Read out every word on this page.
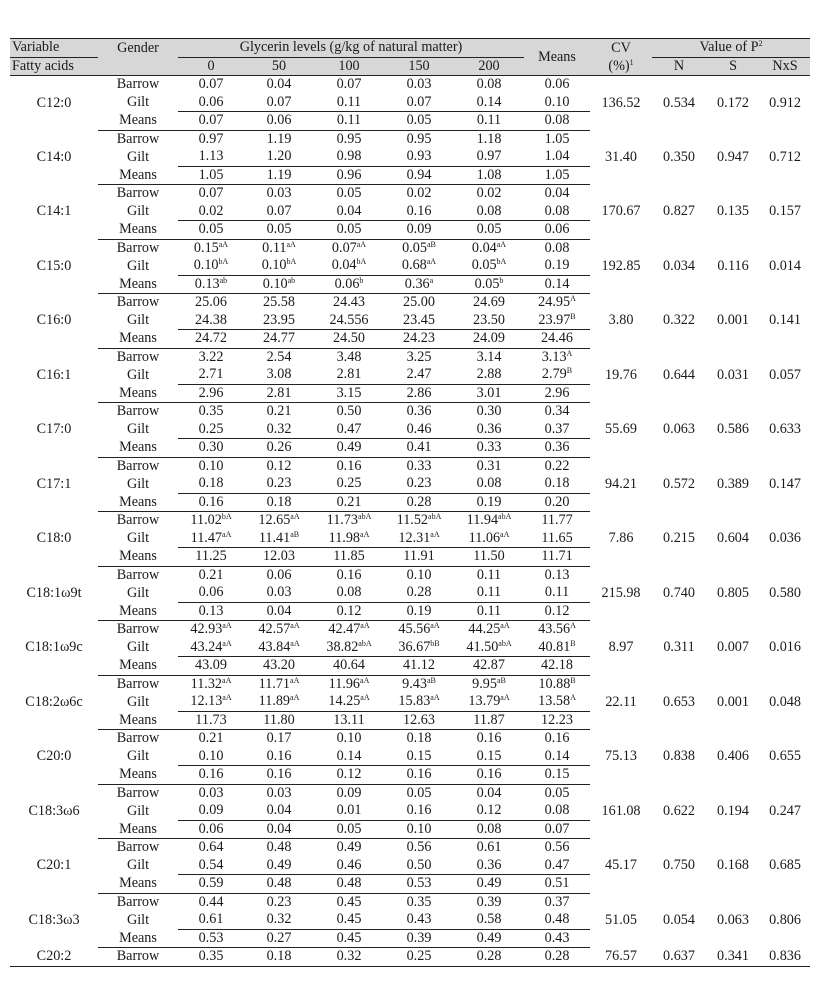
Variable	Gender	Glycerin levels (g/kg of natural matter)					Means	CV	Value of $P^2$
Fatty acids		0	50	100	150	200		(%)$^1$	N	S	NxS
C12:0	Barrow	0.07	0.04	0.07	0.03	0.08	0.06	136.52	0.534	0.172	0.912
	Gilt	0.06	0.07	0.11	0.07	0.14	0.10				
	Means	0.07	0.06	0.11	0.05	0.11	0.08				
C14:0	Barrow	0.97	1.19	0.95	0.95	1.18	1.05	31.40	0.350	0.947	0.712
	Gilt	1.13	1.20	0.98	0.93	0.97	1.04				
	Means	1.05	1.19	0.96	0.94	1.08	1.05				
C14:1	Barrow	0.07	0.03	0.05	0.02	0.02	0.04	170.67	0.827	0.135	0.157
	Gilt	0.02	0.07	0.04	0.16	0.08	0.08				
	Means	0.05	0.05	0.05	0.09	0.05	0.06				
C15:0	Barrow	$0.15^{aA}$	$0.11^{aA}$	$0.07^{aA}$	$0.05^{aB}$	$0.04^{aA}$	0.08	192.85	0.034	0.116	0.014
	Gilt	$0.10^{bA}$	$0.10^{bA}$	$0.04^{bA}$	$0.68^{aA}$	$0.05^{bA}$	0.19				
	Means	0.13$^{ab}$	0.10$^{ab}$	0.06$^b$	0.36$^a$	0.05$^b$	0.14				
C16:0	Barrow	25.06	25.58	24.43	25.00	24.69	$24.95^A$	3.80	0.322	0.001	0.141
	Gilt	24.38	23.95	24.556	23.45	23.50	$23.97^B$
	Means	24.72	24.77	24.50	24.23	24.09	24.46				
C16:1	Barrow	3.22	2.54	3.48	3.25	3.14	$3.13^A$	19.76	0.644	0.031	0.057
	Gilt	2.71	3.08	2.81	2.47	2.88	$2.79^B$
	Means	2.96	2.81	3.15	2.86	3.01	2.96				
C17:0	Barrow	0.35	0.21	0.50	0.36	0.30	0.34	55.69	0.063	0.586	0.633
	Gilt	0.25	0.32	0.47	0.46	0.36	0.37				
	Means	0.30	0.26	0.49	0.41	0.33	0.36				
C17:1	Barrow	0.10	0.12	0.16	0.33	0.31	0.22	94.21	0.572	0.389	0.147
	Gilt	0.18	0.23	0.25	0.23	0.08	0.18				
	Means	0.16	0.18	0.21	0.28	0.19	0.20				
C18:0	Barrow	$11.02^{bA}$	$12.65^{aA}$	$11.73^{abA}$	$11.52^{abA}$	$11.94^{abA}$	11.77	7.86	0.215	0.604	0.036
	Gilt	$11.47^{aA}$	$11.41^{aB}$	$11.98^{aA}$	$12.31^{aA}$	$11.06^{aA}$	11.65				
	Means	11.25	12.03	11.85	11.91	11.50	11.71				
C18:1ω9t	Barrow	0.21	0.06	0.16	0.10	0.11	0.13	215.98	0.740	0.805	0.580
	Gilt	0.06	0.03	0.08	0.28	0.11	0.11				
	Means	0.13	0.04	0.12	0.19	0.11	0.12				
C18:1ω9c	Barrow	$42.93^{aA}$	$42.57^{aA}$	$42.47^{aA}$	$45.56^{aA}$	$44.25^{aA}$	$43.56^A$	8.97	0.311	0.007	0.016
	Gilt	$43.24^{aA}$	$43.84^{aA}$	$38.82^{abA}$	$36.67^{bB}$	$41.50^{abA}$	$40.81^B$
	Means	43.09	43.20	40.64	41.12	42.87	42.18				
C18:2ω6c	Barrow	$11.32^{aA}$	$11.71^{aA}$	$11.96^{aA}$	$9.43^{aB}$	$9.95^{aB}$	$10.88^B$	22.11	0.653	0.001	0.048
	Gilt	$12.13^{aA}$	$11.89^{aA}$	$14.25^{aA}$	$15.83^{aA}$	$13.79^{aA}$	$13.58^A$
	Means	11.73	11.80	13.11	12.63	11.87	12.23				
C20:0	Barrow	0.21	0.17	0.10	0.18	0.16	0.16	75.13	0.838	0.406	0.655
	Gilt	0.10	0.16	0.14	0.15	0.15	0.14				
	Means	0.16	0.16	0.12	0.16	0.16	0.15				
C18:3ω6	Barrow	0.03	0.03	0.09	0.05	0.04	0.05	161.08	0.622	0.194	0.247
	Gilt	0.09	0.04	0.01	0.16	0.12	0.08				
	Means	0.06	0.04	0.05	0.10	0.08	0.07				
C20:1	Barrow	0.64	0.48	0.49	0.56	0.61	0.56	45.17	0.750	0.168	0.685
	Gilt	0.54	0.49	0.46	0.50	0.36	0.47				
	Means	0.59	0.48	0.48	0.53	0.49	0.51				
C18:3ω3	Barrow	0.44	0.23	0.45	0.35	0.39	0.37	51.05	0.054	0.063	0.806
	Gilt	0.61	0.32	0.45	0.43	0.58	0.48				
	Means	0.53	0.27	0.45	0.39	0.49	0.43				
C20:2	Barrow	0.35	0.18	0.32	0.25	0.28	0.28	76.57	0.637	0.341	0.836
